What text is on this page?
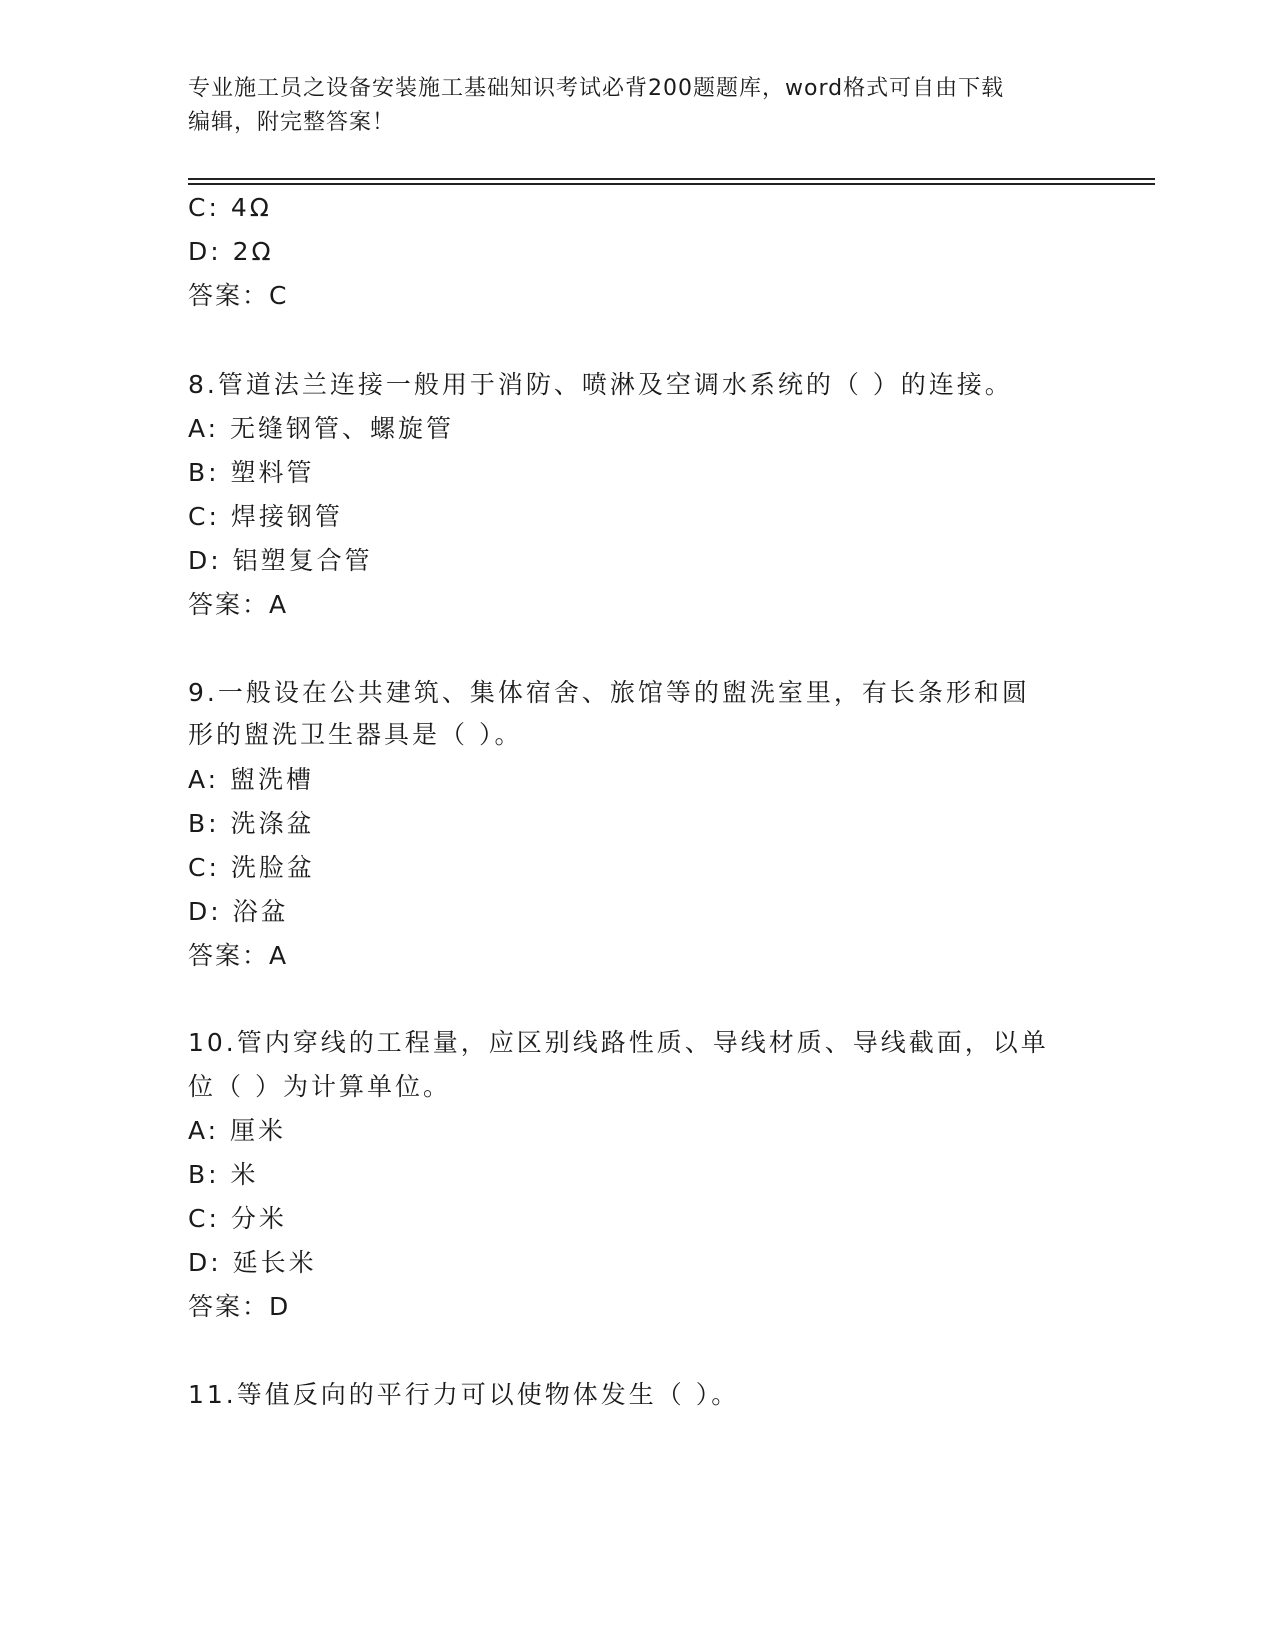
专业施工员之设备安装施工基础知识考试必背200题题库，word格式可自由下载
编辑，附完整答案！
C: 4Ω
D: 2Ω
答案：C
8.管道法兰连接一般用于消防、喷淋及空调水系统的（ ）的连接。
A: 无缝钢管、螺旋管
B: 塑料管
C: 焊接钢管
D: 铝塑复合管
答案：A
9.一般设在公共建筑、集体宿舍、旅馆等的盥洗室里，有长条形和圆
形的盥洗卫生器具是（ ）。
A: 盥洗槽
B: 洗涤盆
C: 洗脸盆
D: 浴盆
答案：A
10.管内穿线的工程量，应区别线路性质、导线材质、导线截面，以单
位（ ）为计算单位。
A: 厘米
B: 米
C: 分米
D: 延长米
答案：D
11.等值反向的平行力可以使物体发生（ ）。
